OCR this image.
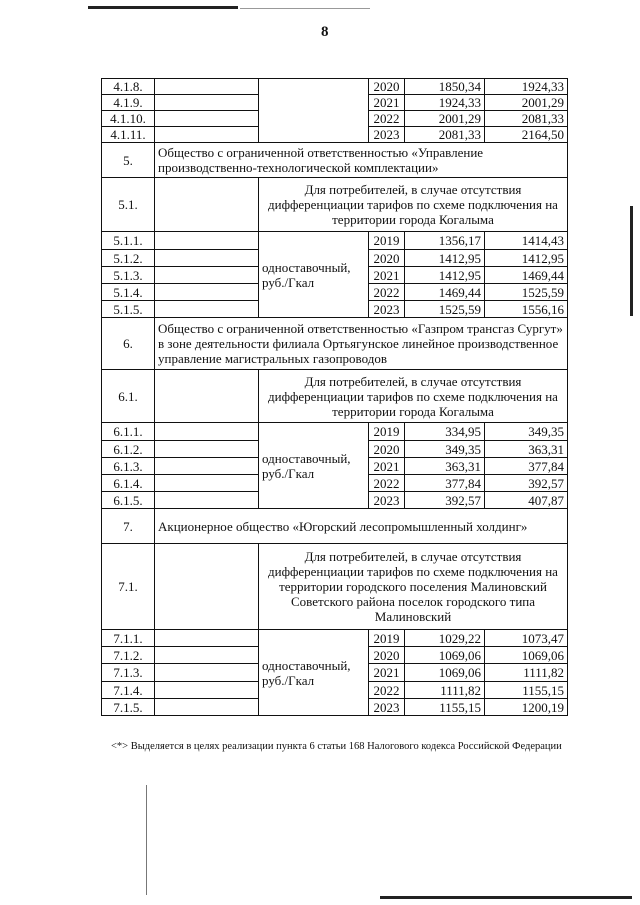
8
4.1.8.			2020	1850,34	1924,33
4.1.9.			2021	1924,33	2001,29
4.1.10.			2022	2001,29	2081,33
4.1.11.			2023	2081,33	2164,50
5.	Общество с ограниченной ответственностью «Управление производственно-технологической комплектации»				
5.1.		Для потребителей, в случае отсутствия дифференциации тарифов по схеме подключения на территории города Когалыма			
5.1.1.		одноставочный, руб./Гкал	2019	1356,17	1414,43
5.1.2.			2020	1412,95	1412,95
5.1.3.			2021	1412,95	1469,44
5.1.4.			2022	1469,44	1525,59
5.1.5.			2023	1525,59	1556,16
6.	Общество с ограниченной ответственностью «Газпром трансгаз Сургут» в зоне деятельности филиала Ортьягунское линейное производственное управление магистральных газопроводов				
6.1.		Для потребителей, в случае отсутствия дифференциации тарифов по схеме подключения на территории города Когалыма			
6.1.1.		одноставочный, руб./Гкал	2019	334,95	349,35
6.1.2.			2020	349,35	363,31
6.1.3.			2021	363,31	377,84
6.1.4.			2022	377,84	392,57
6.1.5.			2023	392,57	407,87
7.	Акционерное общество «Югорский лесопромышленный холдинг»				
7.1.		Для потребителей, в случае отсутствия дифференциации тарифов по схеме подключения на территории городского поселения Малиновский Советского района поселок городского типа Малиновский			
7.1.1.		одноставочный, руб./Гкал	2019	1029,22	1073,47
7.1.2.			2020	1069,06	1069,06
7.1.3.			2021	1069,06	1111,82
7.1.4.			2022	1111,82	1155,15
7.1.5.			2023	1155,15	1200,19
<*> Выделяется в целях реализации пункта 6 статьи 168 Налогового кодекса Российской Федерации
